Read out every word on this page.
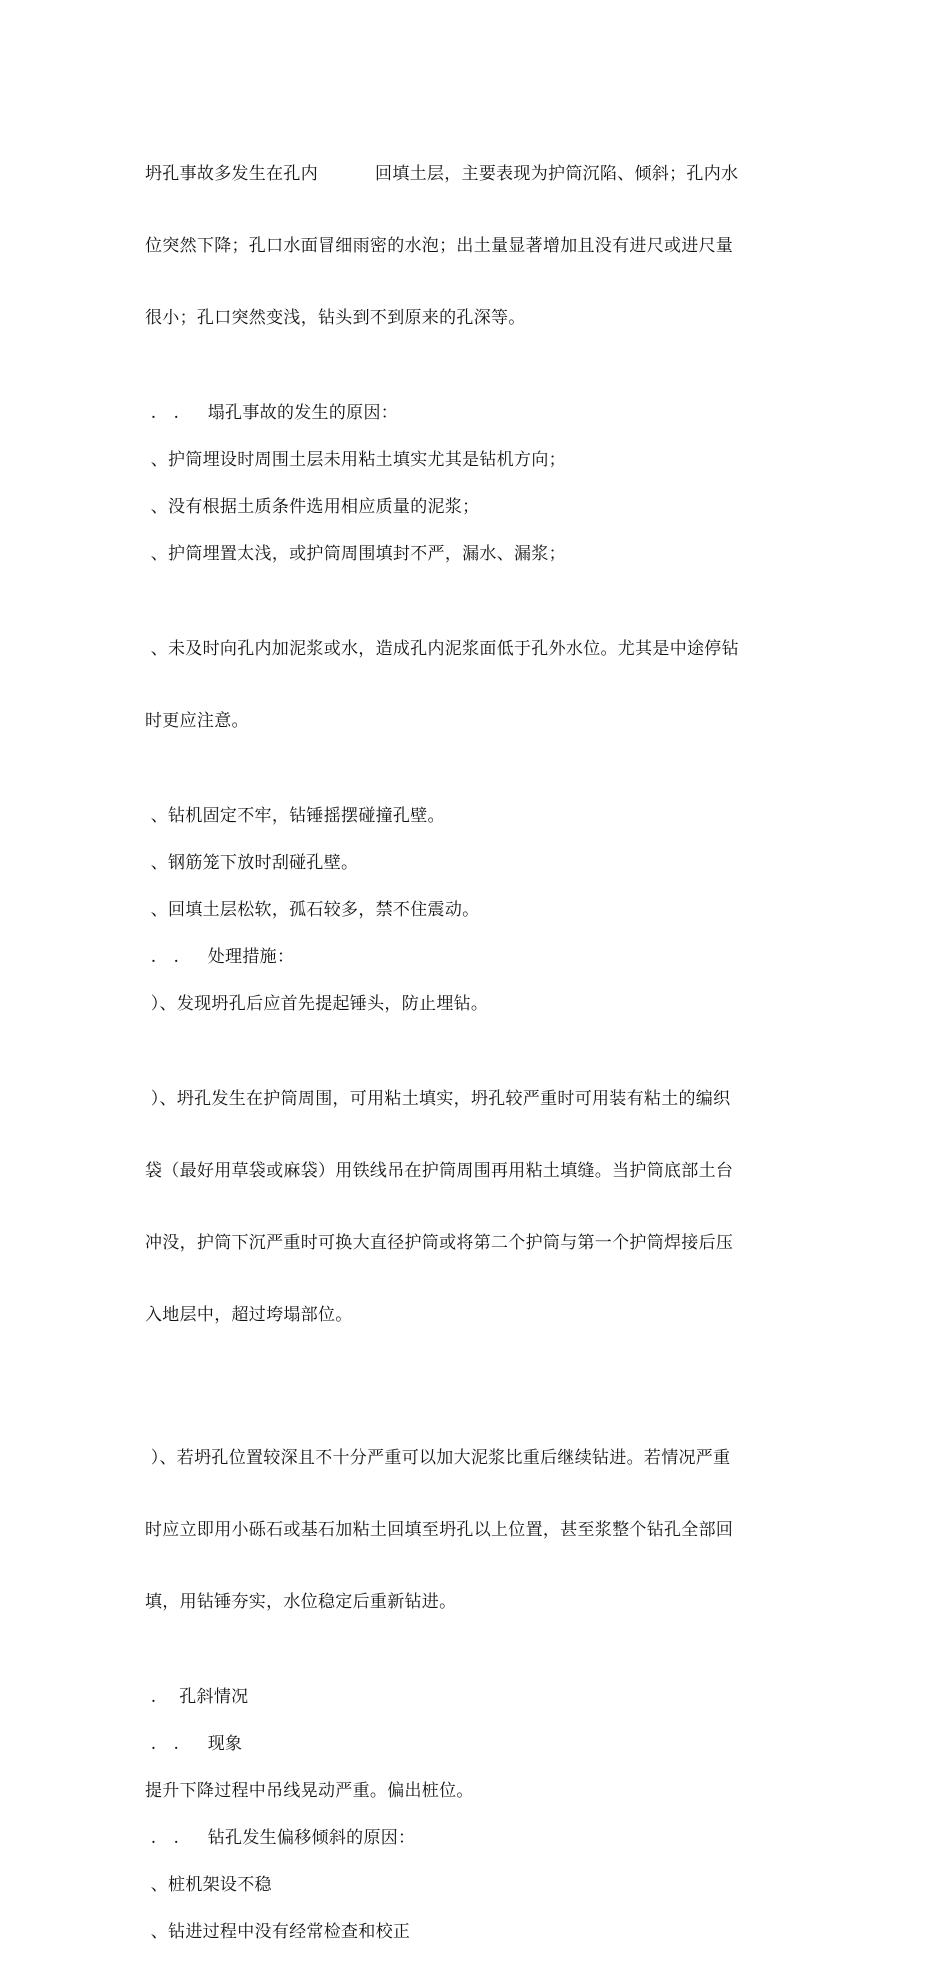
坍孔事故多发生在孔内          回填土层，主要表现为护筒沉陷、倾斜；孔内水

位突然下降；孔口水面冒细雨密的水泡；出土量显著增加且没有进尺或进尺量

很小；孔口突然变浅，钻头到不到原来的孔深等。

.   .     塌孔事故的发生的原因：
、护筒埋设时周围土层未用粘土填实尤其是钻机方向；
、没有根据土质条件选用相应质量的泥浆；
、护筒埋置太浅，或护筒周围填封不严，漏水、漏浆；

、未及时向孔内加泥浆或水，造成孔内泥浆面低于孔外水位。尤其是中途停钻

时更应注意。

、钻机固定不牢，钻锤摇摆碰撞孔壁。
、钢筋笼下放时刮碰孔壁。
、回填土层松软，孤石较多，禁不住震动。
.   .     处理措施：
）、发现坍孔后应首先提起锤头，防止埋钻。

）、坍孔发生在护筒周围，可用粘土填实，坍孔较严重时可用装有粘土的编织

袋（最好用草袋或麻袋）用铁线吊在护筒周围再用粘土填缝。当护筒底部土台

冲没，护筒下沉严重时可换大直径护筒或将第二个护筒与第一个护筒焊接后压

入地层中，超过垮塌部位。

）、若坍孔位置较深且不十分严重可以加大泥浆比重后继续钻进。若情况严重

时应立即用小砾石或基石加粘土回填至坍孔以上位置，甚至浆整个钻孔全部回

填，用钻锤夯实，水位稳定后重新钻进。

.    孔斜情况
.   .     现象
提升下降过程中吊线晃动严重。偏出桩位。
.   .     钻孔发生偏移倾斜的原因：
、桩机架设不稳
、钻进过程中没有经常检查和校正
